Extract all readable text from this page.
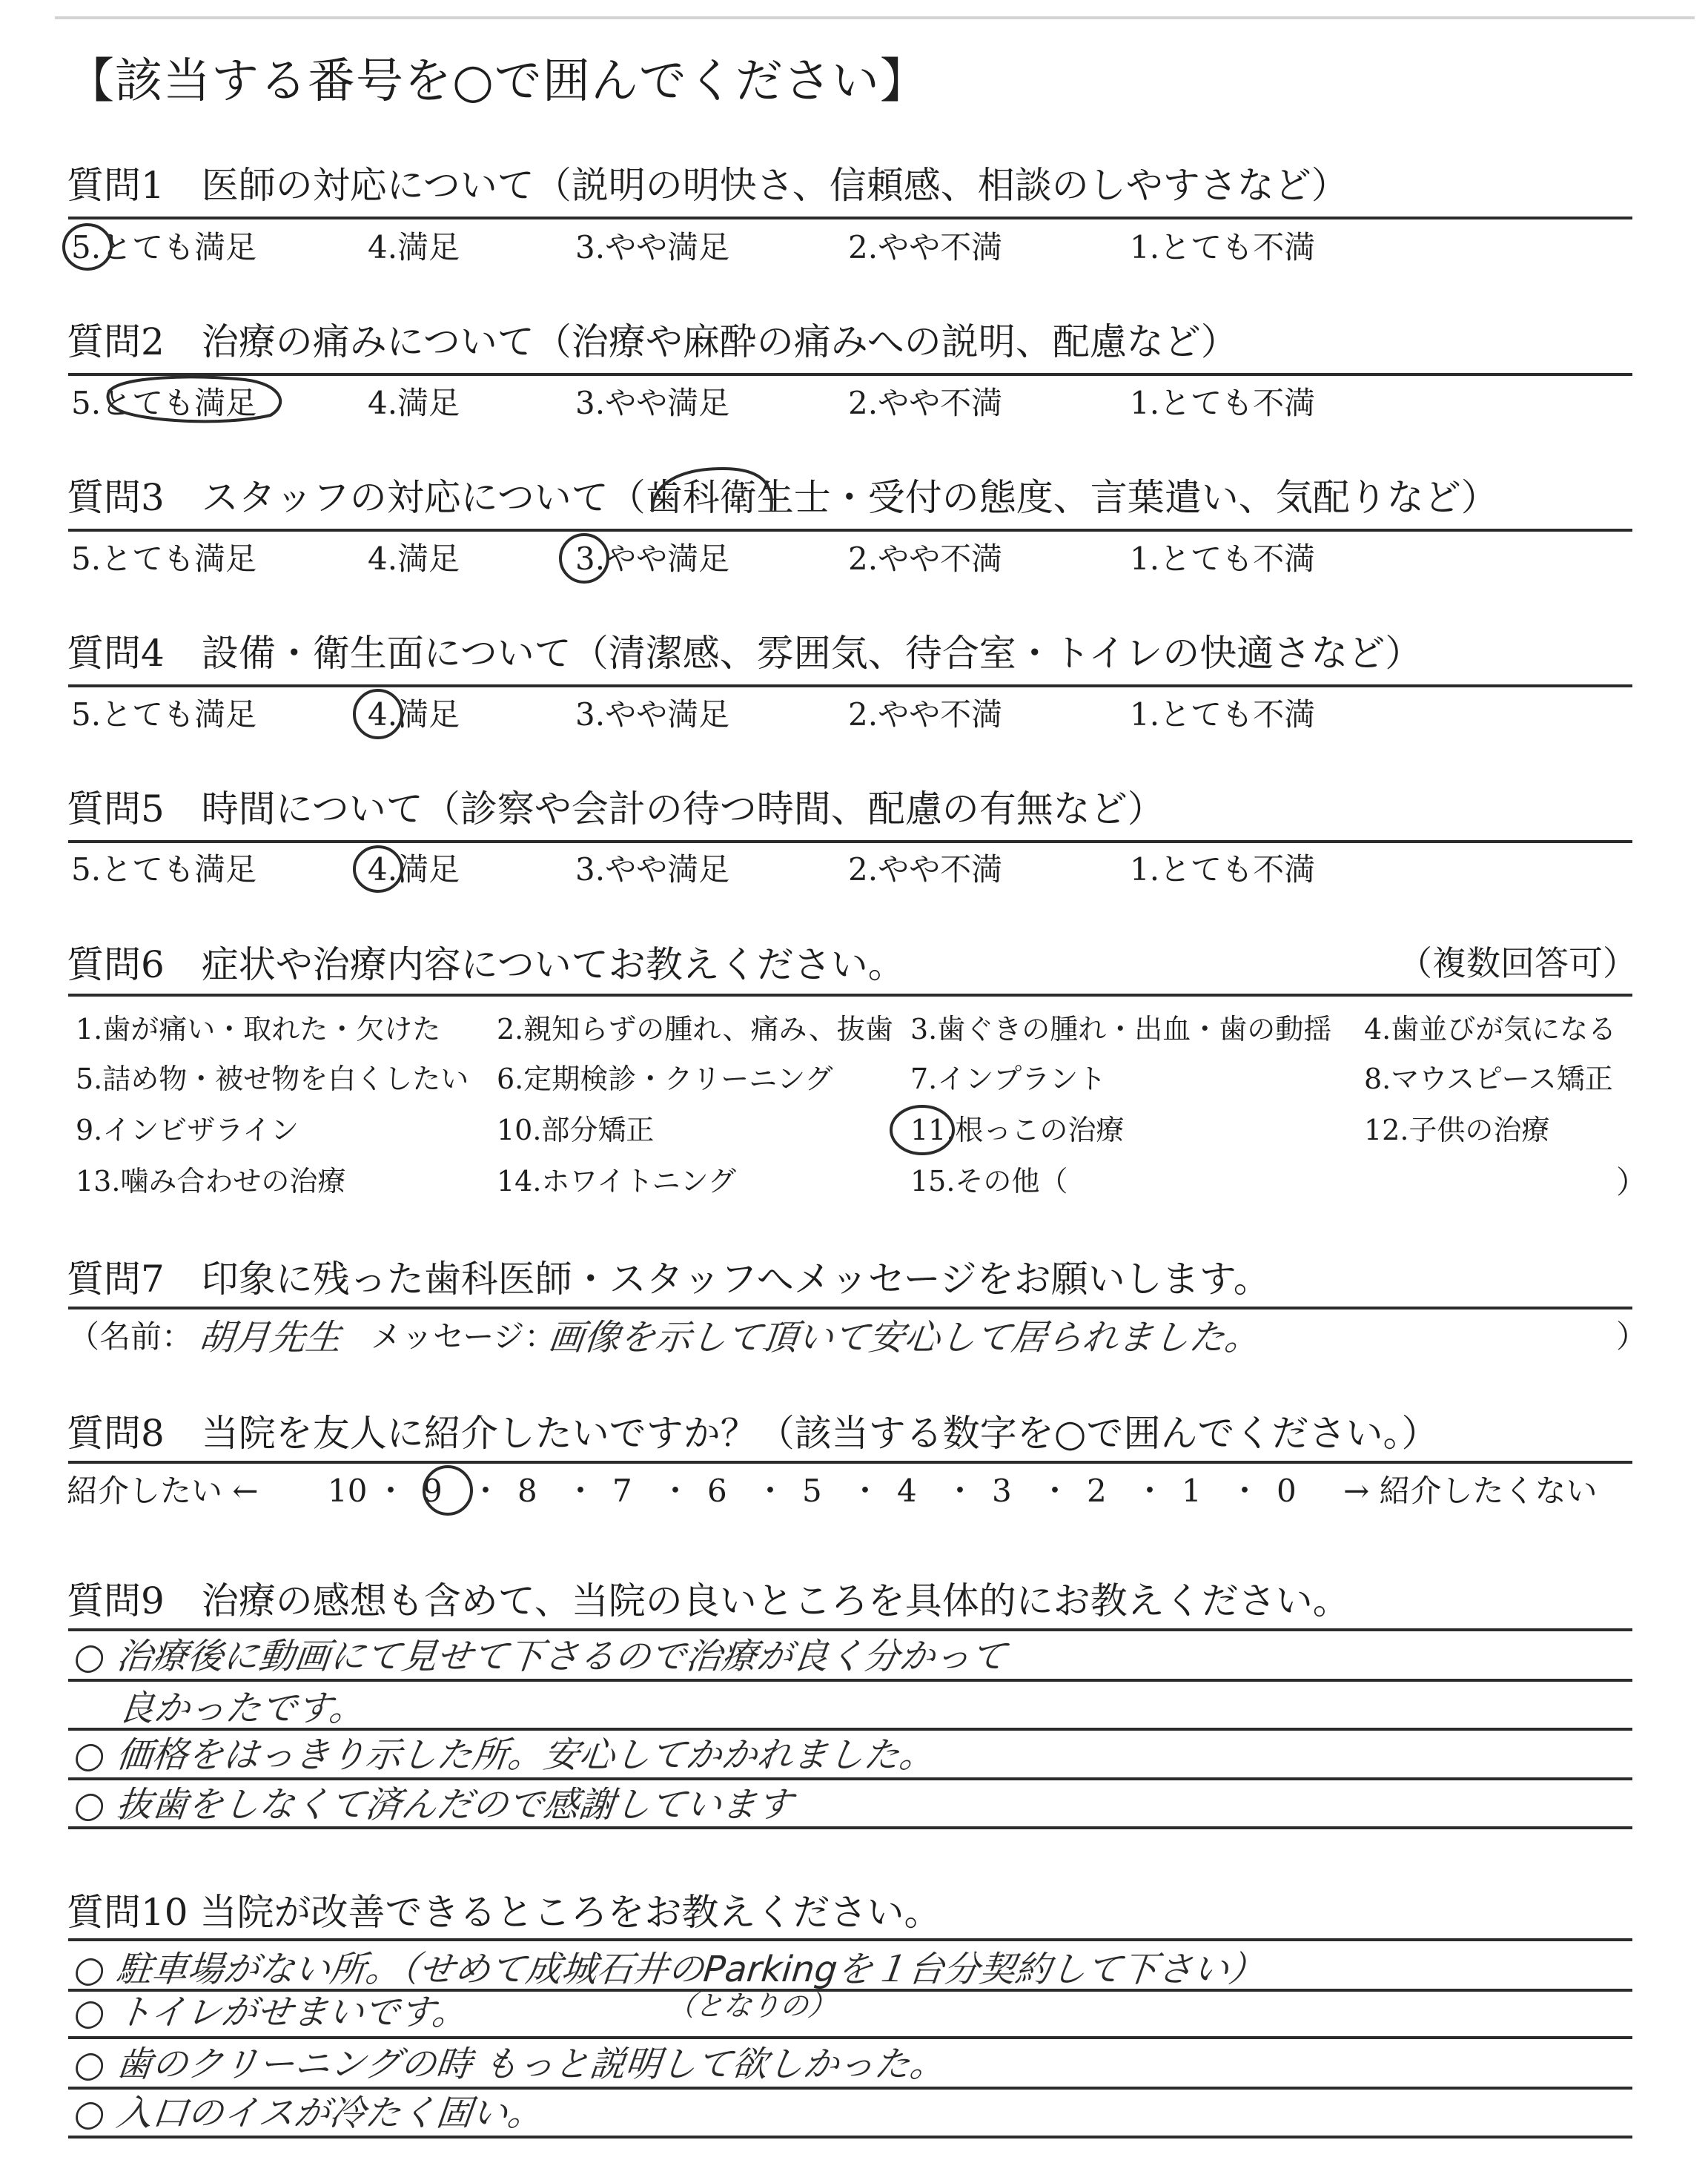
【該当する番号を○で囲んでください】
質問1　医師の対応について（説明の明快さ、信頼感、相談のしやすさなど）
5.とても満足	4.満足	3.やや満足	2.やや不満	1.とても不満
質問2　治療の痛みについて（治療や麻酔の痛みへの説明、配慮など）
5.とても満足	4.満足	3.やや満足	2.やや不満	1.とても不満
質問3　スタッフの対応について（歯科衛生士・受付の態度、言葉遣い、気配りなど）
5.とても満足	4.満足	3.やや満足	2.やや不満	1.とても不満
質問4　設備・衛生面について（清潔感、雰囲気、待合室・トイレの快適さなど）
5.とても満足	4.満足	3.やや満足	2.やや不満	1.とても不満
質問5　時間について（診察や会計の待つ時間、配慮の有無など）
5.とても満足	4.満足	3.やや満足	2.やや不満	1.とても不満
質問6　症状や治療内容についてお教えください。	（複数回答可）
1.歯が痛い・取れた・欠けた 2.親知らずの腫れ、痛み、抜歯 3.歯ぐきの腫れ・出血・歯の動揺 4.歯並びが気になる
5.詰め物・被せ物を白くしたい 6.定期検診・クリーニング	7.インプラント	8.マウスピース矯正
9.インビザライン	10.部分矯正	11.根っこの治療	12.子供の治療
13.噛み合わせの治療	14.ホワイトニング	15.その他（	）
質問7　印象に残った歯科医師・スタッフへメッセージをお願いします。
（名前： 胡月先生 メッセージ：
画像を示して頂いて安心して居られました。	）
質問8　当院を友人に紹介したいですか？（該当する数字を○で囲んでください。）
紹介したい ←	→ 紹介したくない
10 ・ 9 ・ 8 ・ 7 ・ 6 ・ 5 ・ 4 ・ 3 ・ 2 ・ 1 ・ 0
質問9　治療の感想も含めて、当院の良いところを具体的にお教えください。
○ 治療後に動画にて見せて下さるので治療が良く分かって
良かったです。
○ 価格をはっきり示した所。安心してかかれました。
○ 抜歯をしなくて済んだので感謝しています
質問10 当院が改善できるところをお教えください。
○ 駐車場がない所。（せめて成城石井のParkingを１台分契約して下さい）
（となりの）
○ トイレがせまいです。
○ 歯のクリーニングの時 もっと説明して欲しかった。
○ 入口のイスが冷たく固い。
